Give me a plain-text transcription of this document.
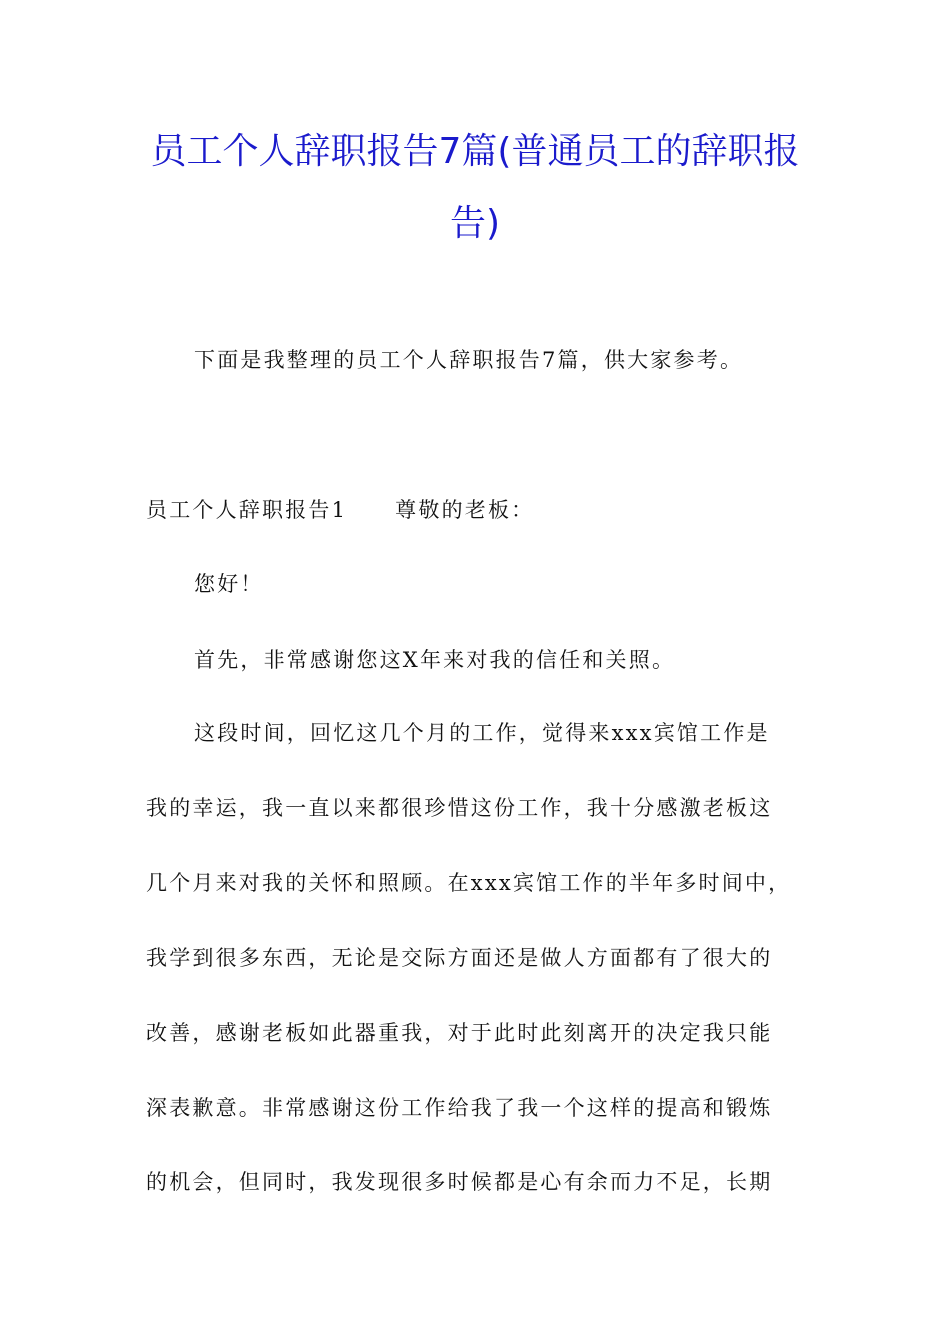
员工个人辞职报告7篇(普通员工的辞职报
告)
下面是我整理的员工个人辞职报告7篇，供大家参考。
员工个人辞职报告1 尊敬的老板：
您好！
首先，非常感谢您这X年来对我的信任和关照。
这段时间，回忆这几个月的工作，觉得来xxx宾馆工作是
我的幸运，我一直以来都很珍惜这份工作，我十分感激老板这
几个月来对我的关怀和照顾。在xxx宾馆工作的半年多时间中，
我学到很多东西，无论是交际方面还是做人方面都有了很大的
改善，感谢老板如此器重我，对于此时此刻离开的决定我只能
深表歉意。非常感谢这份工作给我了我一个这样的提高和锻炼
的机会，但同时，我发现很多时候都是心有余而力不足，长期
